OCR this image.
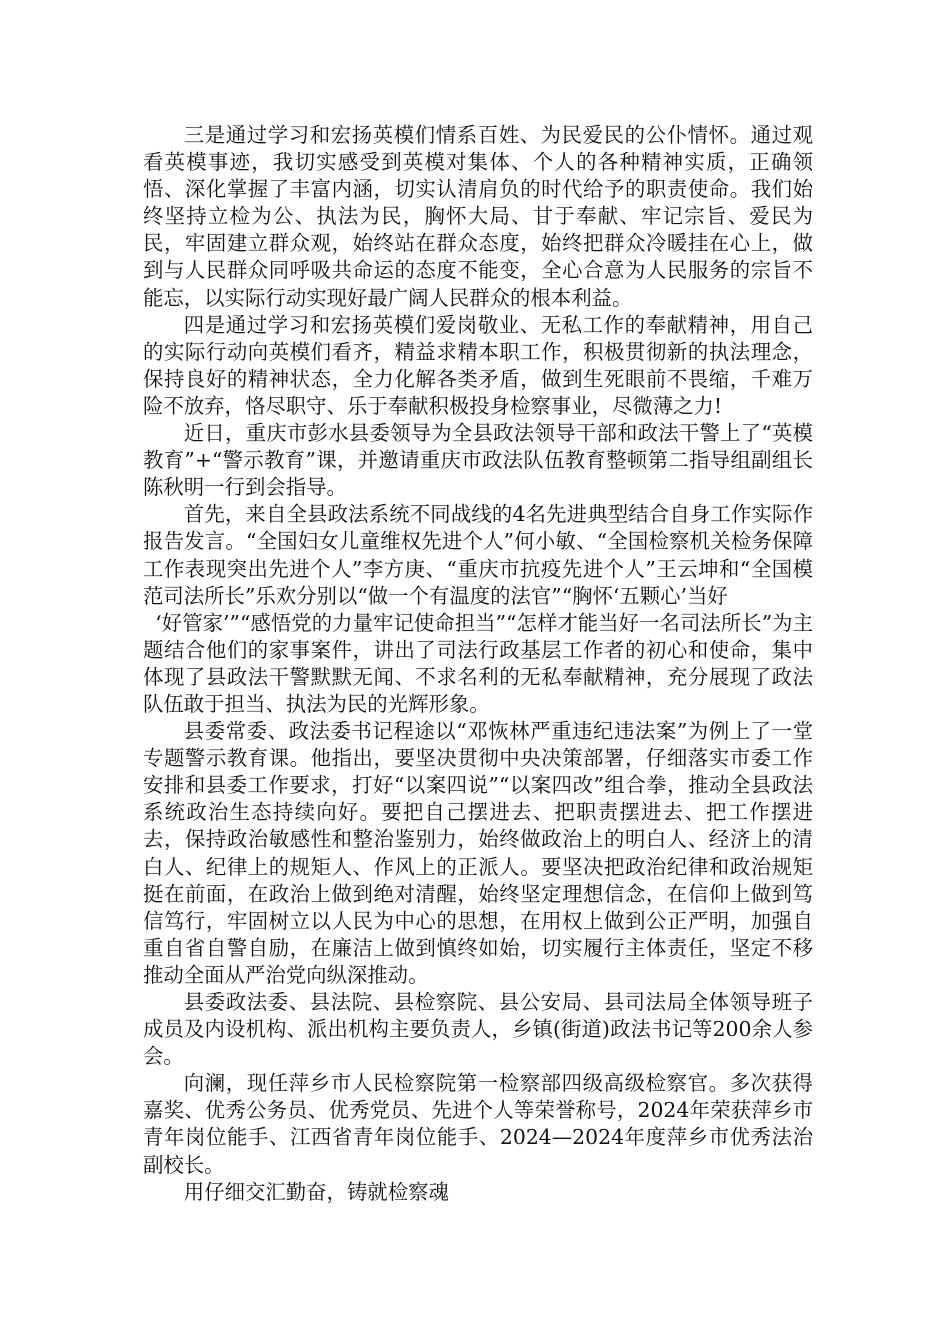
三是通过学习和宏扬英模们情系百姓、为民爱民的公仆情怀。通过观看英模事迹，我切实感受到英模对集体、个人的各种精神实质，正确领悟、深化掌握了丰富内涵，切实认清肩负的时代给予的职责使命。我们始终坚持立检为公、执法为民，胸怀大局、甘于奉献、牢记宗旨、爱民为民，牢固建立群众观，始终站在群众态度，始终把群众冷暖挂在心上，做到与人民群众同呼吸共命运的态度不能变，全心合意为人民服务的宗旨不能忘，以实际行动实现好最广阔人民群众的根本利益。

四是通过学习和宏扬英模们爱岗敬业、无私工作的奉献精神，用自己的实际行动向英模们看齐，精益求精本职工作，积极贯彻新的执法理念，保持良好的精神状态，全力化解各类矛盾，做到生死眼前不畏缩，千难万险不放弃，恪尽职守、乐于奉献积极投身检察事业，尽微薄之力!

近日，重庆市彭水县委领导为全县政法领导干部和政法干警上了“英模教育”+“警示教育”课，并邀请重庆市政法队伍教育整顿第二指导组副组长陈秋明一行到会指导。

首先，来自全县政法系统不同战线的4名先进典型结合自身工作实际作报告发言。“全国妇女儿童维权先进个人”何小敏、“全国检察机关检务保障工作表现突出先进个人”李方庚、“重庆市抗疫先进个人”王云坤和“全国模范司法所长”乐欢分别以“做一个有温度的法官”“胸怀‘五颗心’当好

‘好管家’”“感悟党的力量牢记使命担当”“怎样才能当好一名司法所长”为主题结合他们的家事案件，讲出了司法行政基层工作者的初心和使命，集中体现了县政法干警默默无闻、不求名利的无私奉献精神，充分展现了政法队伍敢于担当、执法为民的光辉形象。

县委常委、政法委书记程途以“邓恢林严重违纪违法案”为例上了一堂专题警示教育课。他指出，要坚决贯彻中央决策部署，仔细落实市委工作安排和县委工作要求，打好“以案四说”“以案四改”组合拳，推动全县政法系统政治生态持续向好。要把自己摆进去、把职责摆进去、把工作摆进去，保持政治敏感性和整治鉴别力，始终做政治上的明白人、经济上的清白人、纪律上的规矩人、作风上的正派人。要坚决把政治纪律和政治规矩挺在前面，在政治上做到绝对清醒，始终坚定理想信念，在信仰上做到笃信笃行，牢固树立以人民为中心的思想，在用权上做到公正严明，加强自重自省自警自励，在廉洁上做到慎终如始，切实履行主体责任，坚定不移推动全面从严治党向纵深推动。

县委政法委、县法院、县检察院、县公安局、县司法局全体领导班子成员及内设机构、派出机构主要负责人，乡镇(街道)政法书记等200余人参会。

向澜，现任萍乡市人民检察院第一检察部四级高级检察官。多次获得嘉奖、优秀公务员、优秀党员、先进个人等荣誉称号，2024年荣获萍乡市青年岗位能手、江西省青年岗位能手、2024—2024年度萍乡市优秀法治副校长。

用仔细交汇勤奋，铸就检察魂
